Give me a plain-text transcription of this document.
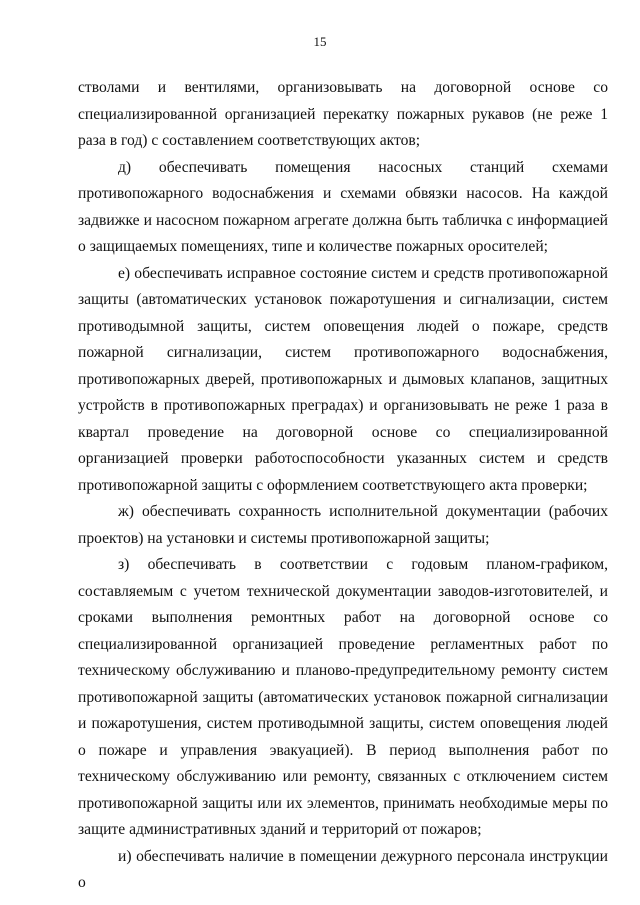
15

стволами и вентилями, организовывать на договорной основе со специализированной организацией перекатку пожарных рукавов (не реже 1 раза в год) с составлением соответствующих актов;

д) обеспечивать помещения насосных станций схемами противопожарного водоснабжения и схемами обвязки насосов. На каждой задвижке и насосном пожарном агрегате должна быть табличка с информацией о защищаемых помещениях, типе и количестве пожарных оросителей;

е) обеспечивать исправное состояние систем и средств противопожарной защиты (автоматических установок пожаротушения и сигнализации, систем противодымной защиты, систем оповещения людей о пожаре, средств пожарной сигнализации, систем противопожарного водоснабжения, противопожарных дверей, противопожарных и дымовых клапанов, защитных устройств в противопожарных преградах) и организовывать не реже 1 раза в квартал проведение на договорной основе со специализированной организацией проверки работоспособности указанных систем и средств противопожарной защиты с оформлением соответствующего акта проверки;

ж) обеспечивать сохранность исполнительной документации (рабочих проектов) на установки и системы противопожарной защиты;

з) обеспечивать в соответствии с годовым планом-графиком, составляемым с учетом технической документации заводов-изготовителей, и сроками выполнения ремонтных работ на договорной основе со специализированной организацией проведение регламентных работ по техническому обслуживанию и планово-предупредительному ремонту систем противопожарной защиты (автоматических установок пожарной сигнализации и пожаротушения, систем противодымной защиты, систем оповещения людей о пожаре и управления эвакуацией). В период выполнения работ по техническому обслуживанию или ремонту, связанных с отключением систем противопожарной защиты или их элементов, принимать необходимые меры по защите административных зданий и территорий от пожаров;

и) обеспечивать наличие в помещении дежурного персонала инструкции о
